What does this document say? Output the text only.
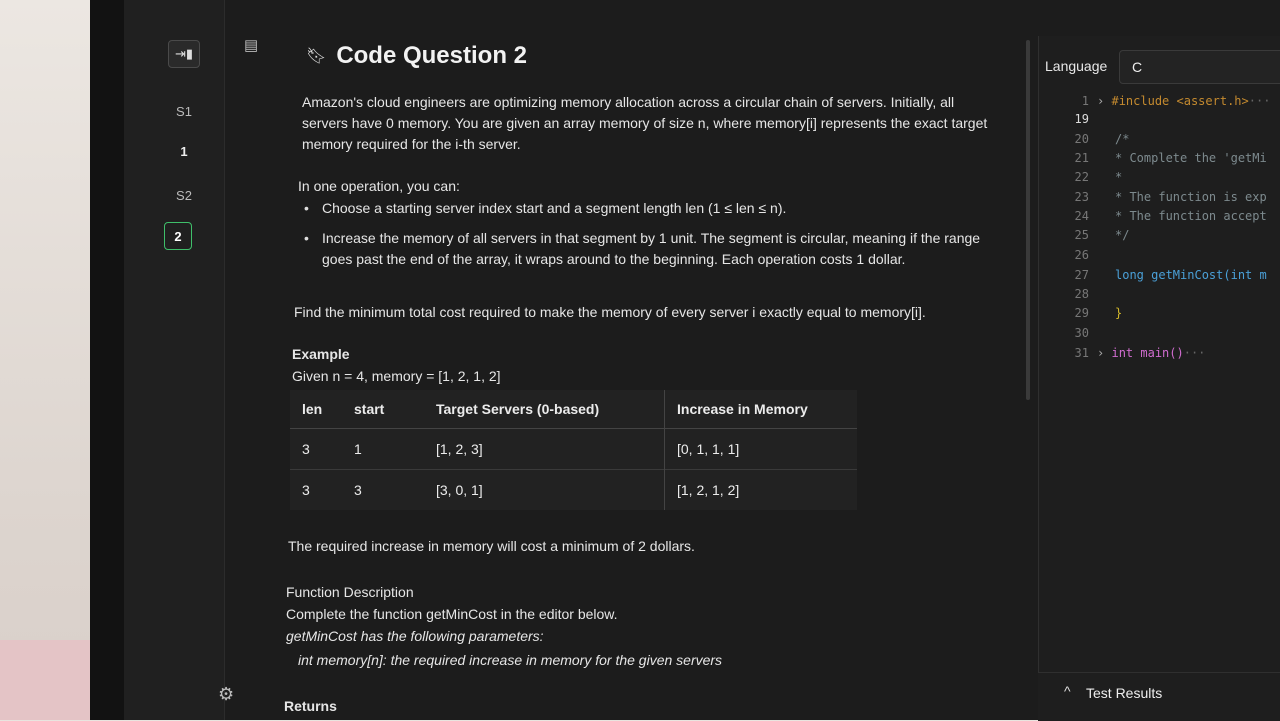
⇥▮
S1
1
S2
2
▤
⚙
🔖︎ Code Question 2
Amazon's cloud engineers are optimizing memory allocation across a circular chain of servers. Initially, all servers have 0 memory. You are given an array memory of size n, where memory[i] represents the exact target memory required for the i-th server.
In one operation, you can:
• Choose a starting server index start and a segment length len (1 ≤ len ≤ n).
• Increase the memory of all servers in that segment by 1 unit. The segment is circular, meaning if the range goes past the end of the array, it wraps around to the beginning. Each operation costs 1 dollar.
Find the minimum total cost required to make the memory of every server i exactly equal to memory[i].
Example
Given n = 4, memory = [1, 2, 1, 2]
len	start	Target Servers (0-based)	Increase in Memory
3	1	[1, 2, 3]	[0, 1, 1, 1]
3	3	[3, 0, 1]	[1, 2, 1, 2]
The required increase in memory will cost a minimum of 2 dollars.
Function Description
Complete the function getMinCost in the editor below.
getMinCost has the following parameters:
int memory[n]: the required increase in memory for the given servers
Returns
Language C
1 › #include <assert.h>···
19
20 /*
21 * Complete the 'getMi
22 *
23 * The function is exp
24 * The function accept
25 */
26
27 long getMinCost(int m
28
29 }
30
31 › int main()···
^ Test Results
